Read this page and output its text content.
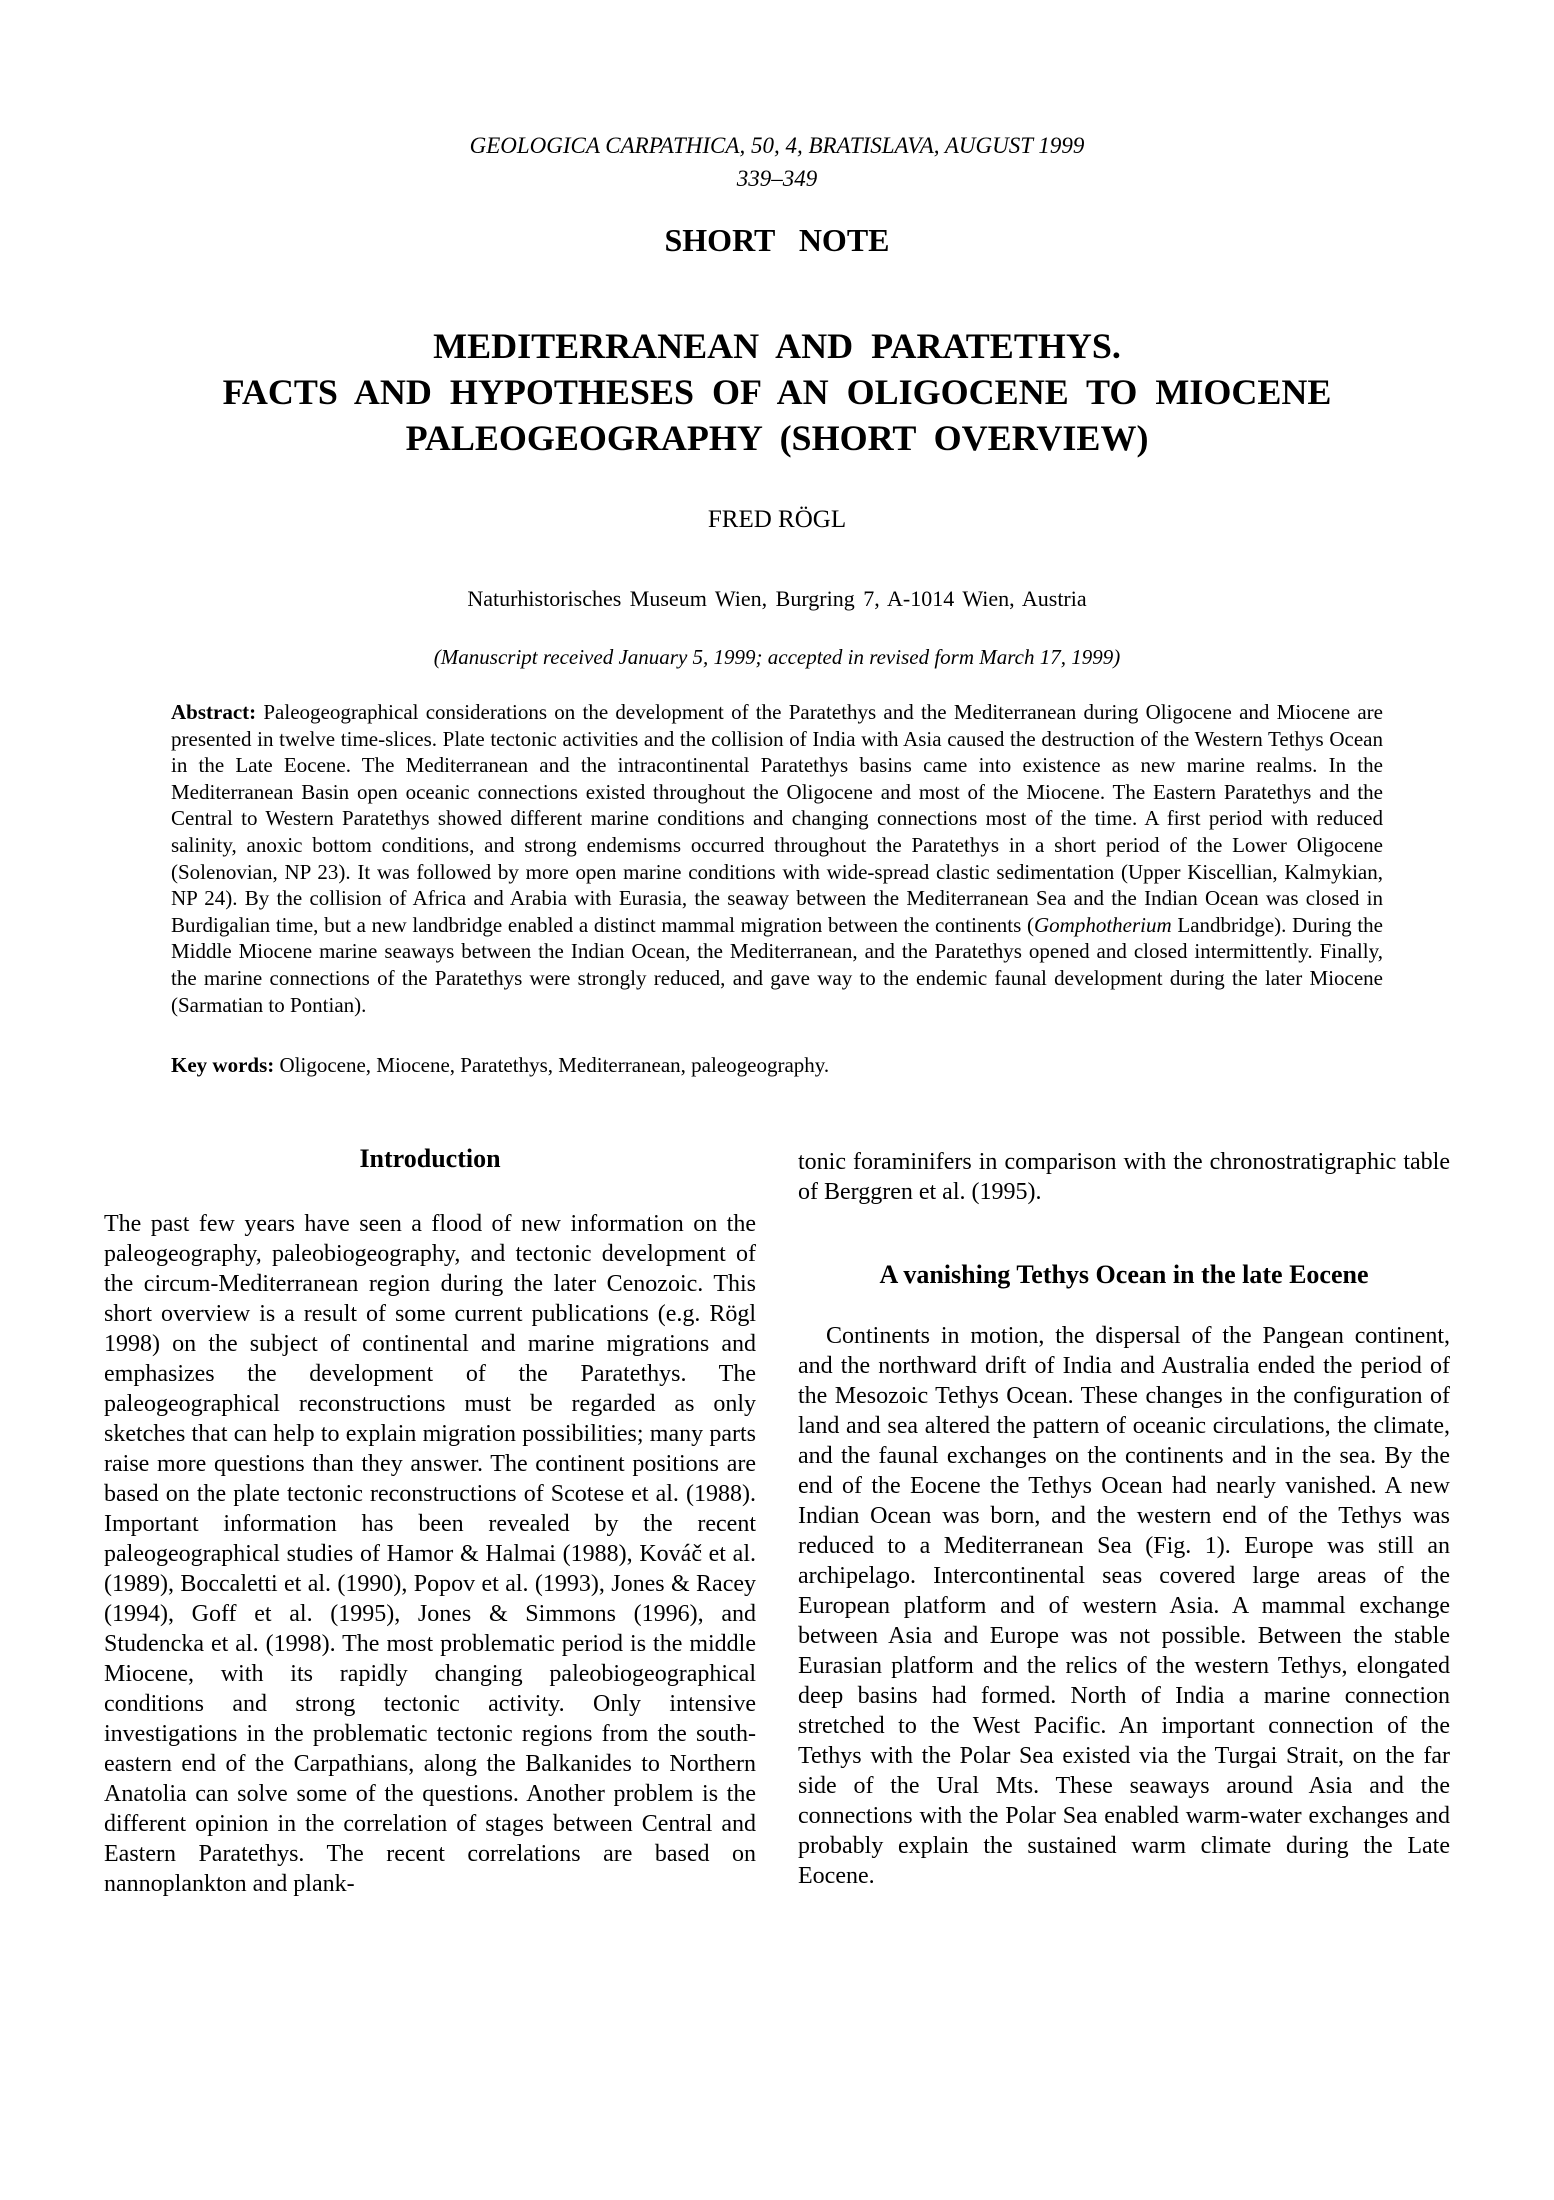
GEOLOGICA CARPATHICA, 50, 4, BRATISLAVA, AUGUST 1999
339–349
SHORT NOTE
MEDITERRANEAN AND PARATETHYS.
FACTS AND HYPOTHESES OF AN OLIGOCENE TO MIOCENE
PALEOGEOGRAPHY (SHORT OVERVIEW)
FRED RÖGL
Naturhistorisches Museum Wien, Burgring 7, A-1014 Wien, Austria
(Manuscript received January 5, 1999; accepted in revised form March 17, 1999)
Abstract: Paleogeographical considerations on the development of the Paratethys and the Mediterranean during Oligocene and Miocene are presented in twelve time-slices. Plate tectonic activities and the collision of India with Asia caused the destruction of the Western Tethys Ocean in the Late Eocene. The Mediterranean and the intracontinental Paratethys basins came into existence as new marine realms. In the Mediterranean Basin open oceanic connections existed throughout the Oligocene and most of the Miocene. The Eastern Paratethys and the Central to Western Paratethys showed different marine conditions and changing connections most of the time. A first period with reduced salinity, anoxic bottom conditions, and strong endemisms occurred throughout the Paratethys in a short period of the Lower Oligocene (Solenovian, NP 23). It was followed by more open marine conditions with wide-spread clastic sedimentation (Upper Kiscellian, Kalmykian, NP 24). By the collision of Africa and Arabia with Eurasia, the seaway between the Mediterranean Sea and the Indian Ocean was closed in Burdigalian time, but a new landbridge enabled a distinct mammal migration between the continents (Gomphotherium Landbridge). During the Middle Miocene marine seaways between the Indian Ocean, the Mediterranean, and the Paratethys opened and closed intermittently. Finally, the marine connections of the Paratethys were strongly reduced, and gave way to the endemic faunal development during the later Miocene (Sarmatian to Pontian).
Key words: Oligocene, Miocene, Paratethys, Mediterranean, paleogeography.
Introduction

The past few years have seen a flood of new information on the paleogeography, paleobiogeography, and tectonic development of the circum-Mediterranean region during the later Cenozoic. This short overview is a result of some current publications (e.g. Rögl 1998) on the subject of continental and marine migrations and emphasizes the development of the Paratethys. The paleogeographical reconstructions must be regarded as only sketches that can help to explain migration possibilities; many parts raise more questions than they answer. The continent positions are based on the plate tectonic reconstructions of Scotese et al. (1988). Important information has been revealed by the recent paleogeographical studies of Hamor & Halmai (1988), Kováč et al. (1989), Boccaletti et al. (1990), Popov et al. (1993), Jones & Racey (1994), Goff et al. (1995), Jones & Simmons (1996), and Studencka et al. (1998). The most problematic period is the middle Miocene, with its rapidly changing paleobiogeographical conditions and strong tectonic activity. Only intensive investigations in the problematic tectonic regions from the south-eastern end of the Carpathians, along the Balkanides to Northern Anatolia can solve some of the questions. Another problem is the different opinion in the correlation of stages between Central and Eastern Paratethys. The recent correlations are based on nannoplankton and plank-

tonic foraminifers in comparison with the chronostratigraphic table of Berggren et al. (1995).

A vanishing Tethys Ocean in the late Eocene

Continents in motion, the dispersal of the Pangean continent, and the northward drift of India and Australia ended the period of the Mesozoic Tethys Ocean. These changes in the configuration of land and sea altered the pattern of oceanic circulations, the climate, and the faunal exchanges on the continents and in the sea. By the end of the Eocene the Tethys Ocean had nearly vanished. A new Indian Ocean was born, and the western end of the Tethys was reduced to a Mediterranean Sea (Fig. 1). Europe was still an archipelago. Intercontinental seas covered large areas of the European platform and of western Asia. A mammal exchange between Asia and Europe was not possible. Between the stable Eurasian platform and the relics of the western Tethys, elongated deep basins had formed. North of India a marine connection stretched to the West Pacific. An important connection of the Tethys with the Polar Sea existed via the Turgai Strait, on the far side of the Ural Mts. These seaways around Asia and the connections with the Polar Sea enabled warm-water exchanges and probably explain the sustained warm climate during the Late Eocene.
